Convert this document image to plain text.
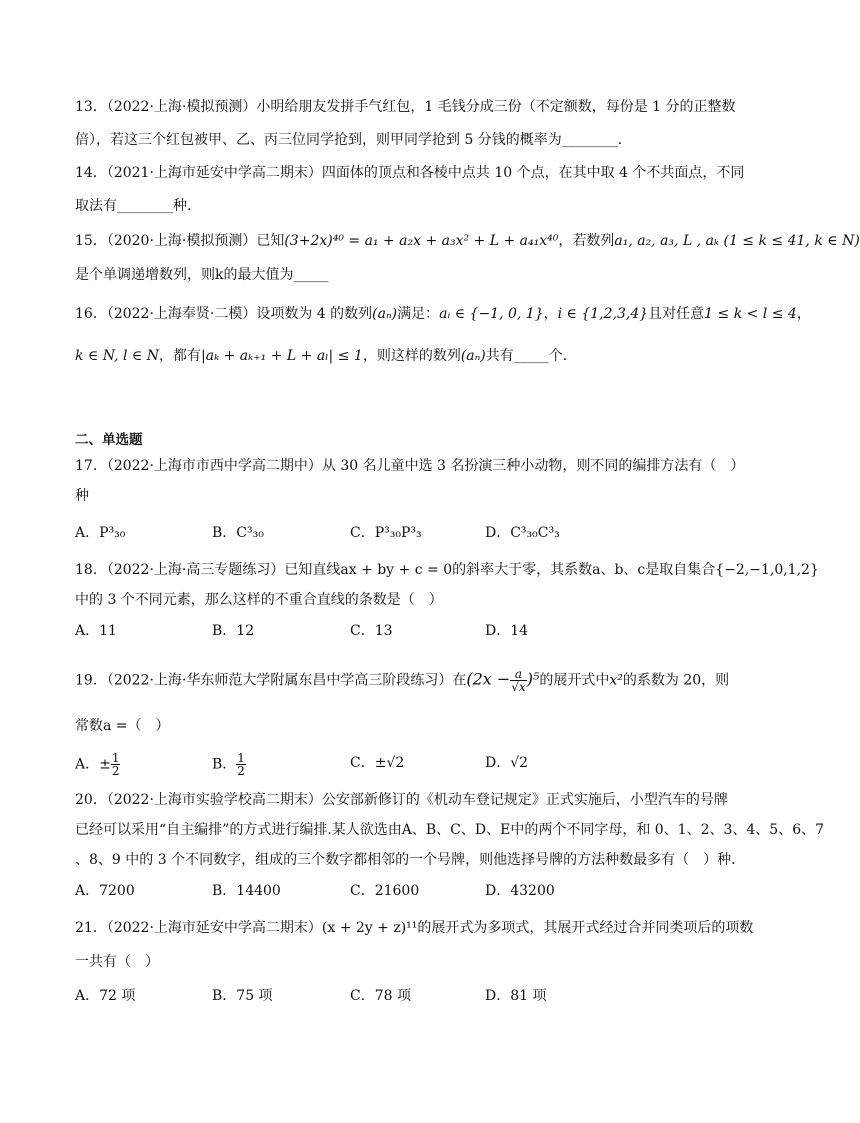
13．（2022·上海·模拟预测）小明给朋友发拼手气红包，1 毛钱分成三份（不定额数，每份是 1 分的正整数
倍），若这三个红包被甲、乙、丙三位同学抢到，则甲同学抢到 5 分钱的概率为________．
14．（2021·上海市延安中学高二期末）四面体的顶点和各棱中点共 10 个点，在其中取 4 个不共面点，不同
取法有________种.
15．（2020·上海·模拟预测）已知(3+2x)⁴⁰ = a₁ + a₂x + a₃x² + L + a₄₁x⁴⁰，若数列a₁, a₂, a₃, L , aₖ (1 ≤ k ≤ 41, k ∈ N)
是个单调递增数列，则k的最大值为_____
16．（2022·上海奉贤·二模）设项数为 4 的数列(aₙ)满足：aᵢ ∈ {−1, 0, 1}，i ∈ {1,2,3,4}且对任意1 ≤ k < l ≤ 4，
k ∈ N, l ∈ N，都有|aₖ + aₖ₊₁ + L + aₗ| ≤ 1，则这样的数列(aₙ)共有_____个.
二、单选题
17．（2022·上海市市西中学高二期中）从 30 名儿童中选 3 名扮演三种小动物，则不同的编排方法有（　）
种
A．P³₃₀	B．C³₃₀	C．P³₃₀P³₃	D．C³₃₀C³₃
18．（2022·上海·高三专题练习）已知直线ax + by + c = 0的斜率大于零，其系数a、b、c是取自集合{−2,−1,0,1,2}
中的 3 个不同元素，那么这样的不重合直线的条数是（　）
A．11	B．12	C．13	D．14
19．（2022·上海·华东师范大学附属东昌中学高三阶段练习）在$(2x - \frac{a}{√x} )^5$的展开式中x²的系数为 20，则
常数a =（　）
A．± $\frac{1}{2}$	B． $\frac{1}{2}$	C．±√2	D．√2
20．（2022·上海市实验学校高二期末）公安部新修订的《机动车登记规定》正式实施后，小型汽车的号牌
已经可以采用“自主编排”的方式进行编排.某人欲选由A、B、C、D、E中的两个不同字母，和 0、1、2、3、4、5、6、7
、8、9 中的 3 个不同数字，组成的三个数字都相邻的一个号牌，则他选择号牌的方法种数最多有（　）种.
A．7200	B．14400	C．21600	D．43200
21．（2022·上海市延安中学高二期末）(x + 2y + z)¹¹的展开式为多项式，其展开式经过合并同类项后的项数
一共有（　）
A．72 项	B．75 项	C．78 项	D．81 项
